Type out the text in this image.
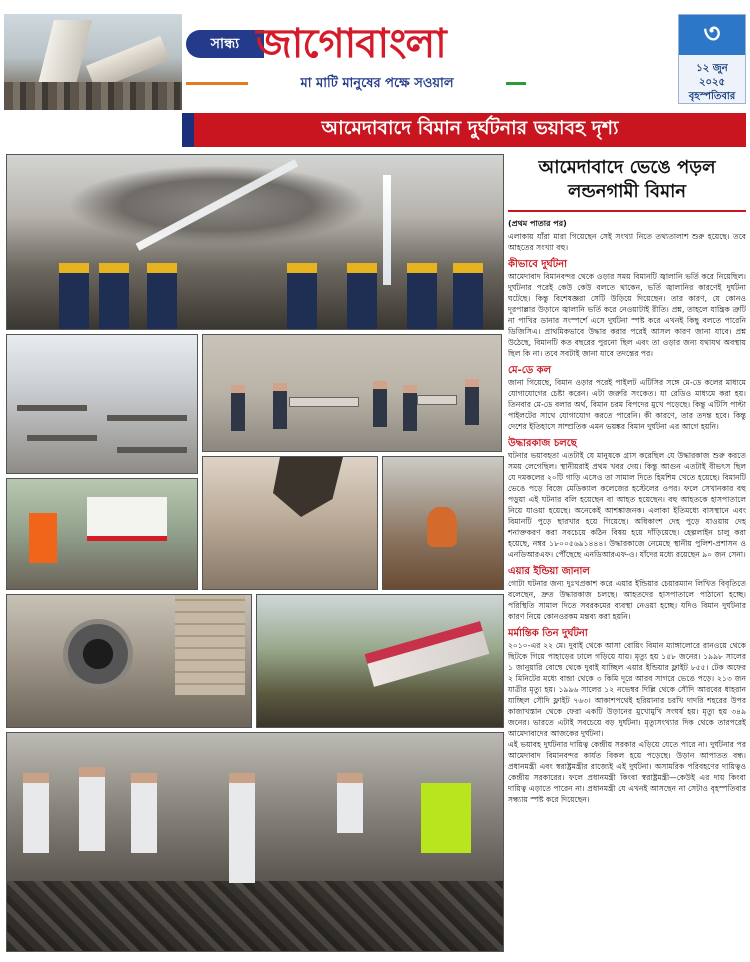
সান্ধ্য জাগোবাংলা
মা মাটি মানুষের পক্ষে সওয়াল
৩
১২ জুন
২০২৫
বৃহস্পতিবার
আমেদাবাদে বিমান দুর্ঘটনার ভয়াবহ দৃশ্য
আমেদাবাদে ভেঙে পড়ল লন্ডনগামী বিমান
(প্রথম পাতার পর)

এলাকায় যাঁরা মারা গিয়েছেন সেই সংখ্যা নিতে তথ্যতালাশ শুরু হয়েছে। তবে আহতের সংখ্যা বহু।

কীভাবে দুর্ঘটনা

আমেদাবাদ বিমানবন্দর থেকে ওড়ার সময় বিমানটি জ্বালানি ভর্তি করে নিয়েছিল। দুর্ঘটনার পরেই কেউ কেউ বলতে থাকেন, ভর্তি জ্বালানির কারণেই দুর্ঘটনা ঘটেছে। কিন্তু বিশেষজ্ঞরা সেটি উড়িয়ে দিয়েছেন। তার কারণ, যে কোনও দূরপাল্লার উড়ানে জ্বালানি ভর্তি করে নেওয়াটাই রীতি। প্রশ্ন, তাহলে যান্ত্রিক ত্রুটি না পাখির ডানার সংস্পর্শে এসে দুর্ঘটনা স্পষ্ট করে এখনই কিছু বলতে পারেনি ডিজিসিএ। প্রাথমিকভাবে উদ্ধার করার পরেই আসল কারণ জানা যাবে। প্রশ্ন উঠেছে, বিমানটি কত বছরের পুরনো ছিল এবং তা ওড়ার জন্য যথাযথ অবস্থায় ছিল কি না। তবে সবটাই জানা যাবে তদন্তের পর।

মে-ডে কল

জানা গিয়েছে, বিমান ওড়ার পরেই পাইলট এটিসির সঙ্গে মে-ডে কলের মাধ্যমে যোগাযোগের চেষ্টা করেন। এটা জরুরি সংকেত। যা রেডিও মাধ্যমে করা হয়। তিনবার মে-ডে বলার অর্থ, বিমান চরম বিপদের মুখে পড়েছে। কিন্তু এটিসি পাল্টা পাইলটের সাথে যোগাযোগ করতে পারেনি। কী কারণে, তার তদন্ত হবে। কিন্তু দেশের ইতিহাসে সাম্প্রতিক এমন ভয়ঙ্কর বিমান দুর্ঘটনা এর আগে হয়নি।

উদ্ধারকাজ চলছে

ঘটনার ভয়াবহতা এতটাই যে মানুষকে গ্রাস করেছিল যে উদ্ধারকাজ শুরু করতে সময় লেগেছিল। স্থানীয়রাই প্রথম খবর দেয়। কিন্তু আগুন এতটাই বীভৎস ছিল যে দমকলের ২০টি গাড়ি এসেও তা সামাল দিতে হিমশিম খেতে হয়েছে। বিমানটি ভেঙে পড়ে বিজে মেডিক্যাল কলেজের হস্টেলের ওপর। ফলে সেখানকার বহু পড়ুয়া এই ঘটনার বলি হয়েছেন বা আহত হয়েছেন। বহু আহতকে হাসপাতালে নিয়ে যাওয়া হয়েছে। অনেকেই আশঙ্কাজনক। এলাকা ইতিমধ্যে বাসস্থানে এবং বিমানটি পুড়ে ছারখার হয়ে গিয়েছে। অধিকাংশ দেহ পুড়ে যাওয়ায় দেহ শনাক্তকরণ করা সবচেয়ে কঠিন বিষয় হয়ে দাঁড়িয়েছে। হেল্পলাইন চালু করা হয়েছে, নম্বর ১৮০০৫৬৯১৪৪৪। উদ্ধারকাজে নেমেছে স্থানীয় পুলিশ-প্রশাসন ও এনডিআরএফ। পৌঁছেছে এনডিআরএফ-ও। যাঁদের মধ্যে রয়েছেন ৯০ জন সেনা।

এয়ার ইন্ডিয়া জানাল

গোটা ঘটনার জন্য দুঃখপ্রকাশ করে এয়ার ইন্ডিয়ার চেয়ারম্যান লিখিত বিবৃতিতে বলেছেন, দ্রুত উদ্ধারকাজ চলছে। আহতদের হাসপাতালে পাঠানো হচ্ছে। পরিস্থিতি সামাল দিতে সবরকমের ব্যবস্থা নেওয়া হচ্ছে। যদিও বিমান দুর্ঘটনার কারণ নিয়ে কোনওরকম মন্তব্য করা হয়নি।

মর্মান্তিক তিন দুর্ঘটনা

২০১০-এর ২২ মে। দুবাই থেকে আসা বোয়িং বিমান ম্যাঙ্গালোরে রানওয়ে থেকে ছিটকে গিয়ে পাহাড়ের ঢালে গড়িয়ে যায়। মৃত্যু হয় ১৫৮ জনের। ১৯৯৮ সালের ১ জানুয়ারি বোম্বে থেকে দুবাই যাচ্ছিল এয়ার ইন্ডিয়ার ফ্লাইট ৮৫৫। টেক অফের ২ মিনিটের মধ্যে বান্দ্রা থেকে ৩ কিমি দূরে আরব সাগরে ভেঙে পড়ে। ২১৩ জন যাত্রীর মৃত্যু হয়। ১৯৯৬ সালের ১২ নভেম্বর দিল্লি থেকে সৌদি আরবের ধাহরান যাচ্ছিল সৌদি ফ্লাইট ৭৬৩। আকাশপথেই হরিয়ানার চরখি দাদরি শহরের উপর কাজাখস্তান থেকে ফেরা একটি উড়ানের মুখোমুখি সংঘর্ষ হয়। মৃত্যু হয় ৩৪৯ জনের। ভারতে এটাই সবচেয়ে বড় দুর্ঘটনা। মৃত্যুসংখ্যার দিক থেকে তারপরেই আমেদাবাদের আজকের দুর্ঘটনা।
এই ভয়াবহ দুর্ঘটনার দায়িত্ব কেন্দ্রীয় সরকার এড়িয়ে যেতে পারে না। দুর্ঘটনার পর আমেদাবাদ বিমানবন্দর কার্যত বিকল হয়ে পড়েছে। উড়ান আপাতত বন্ধ। প্রধানমন্ত্রী এবং স্বরাষ্ট্রমন্ত্রীর রাজ্যেই এই দুর্ঘটনা। অসামরিক পরিবহণের দায়িত্বও কেন্দ্রীয় সরকারের। ফলে প্রধানমন্ত্রী কিংবা স্বরাষ্ট্রমন্ত্রী—কেউই এর দায় কিংবা দায়িত্ব এড়াতে পারেন না। প্রধানমন্ত্রী যে এখনই আসছেন না সেটাও বৃহস্পতিবার সন্ধ্যায় স্পষ্ট করে দিয়েছেন।
